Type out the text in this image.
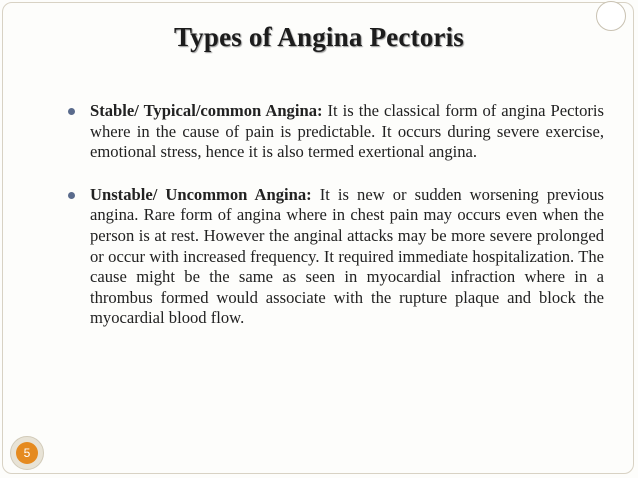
Types of Angina Pectoris
Stable/ Typical/common Angina: It is the classical form of angina Pectoris where in the cause of pain is predictable. It occurs during severe exercise, emotional stress, hence it is also termed exertional angina.
Unstable/ Uncommon Angina: It is new or sudden worsening previous angina. Rare form of angina where in chest pain may occurs even when the person is at rest. However the anginal attacks may be more severe prolonged or occur with increased frequency. It required immediate hospitalization. The cause might be the same as seen in myocardial infraction where in a thrombus formed would associate with the rupture plaque and block the myocardial blood flow.
5
